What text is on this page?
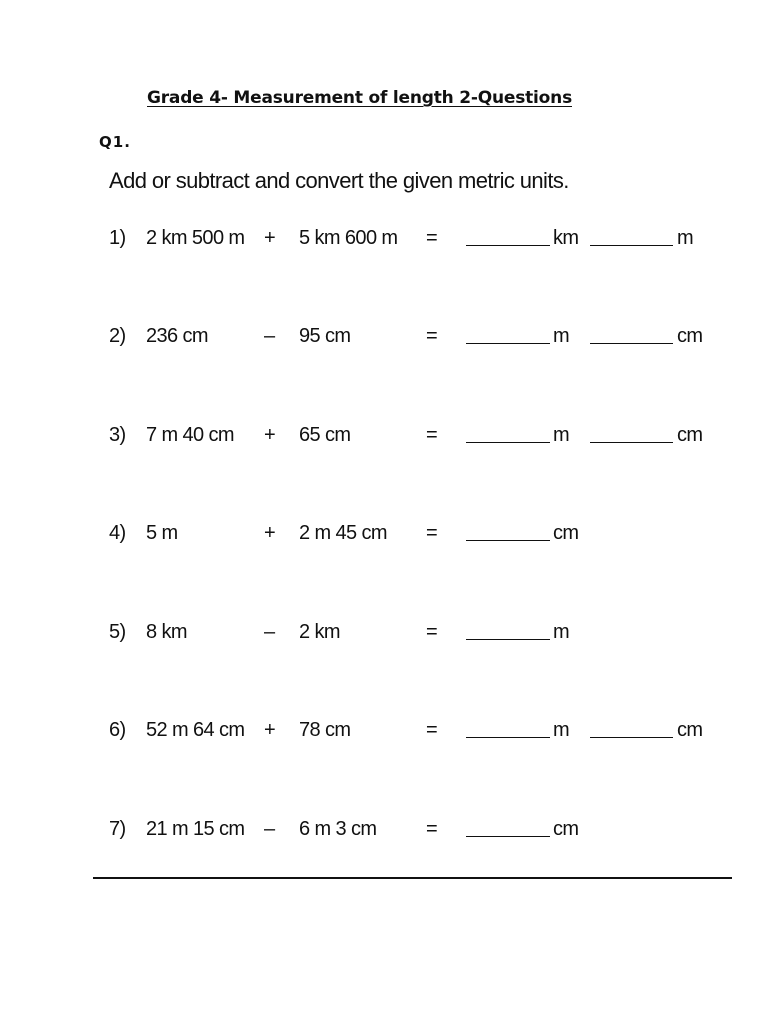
Grade 4- Measurement of length 2-Questions
Q1.
Add or subtract and convert the given metric units.
1) 2 km 500 m + 5 km 600 m =	km	m
2) 236 cm	– 95 cm	=	m	cm
3) 7 m 40 cm + 65 cm	=	m	cm
4) 5 m	+ 2 m 45 cm =	cm
5) 8 km	– 2 km	=	m
6) 52 m 64 cm + 78 cm	=	m	cm
7) 21 m 15 cm – 6 m 3 cm =	cm
